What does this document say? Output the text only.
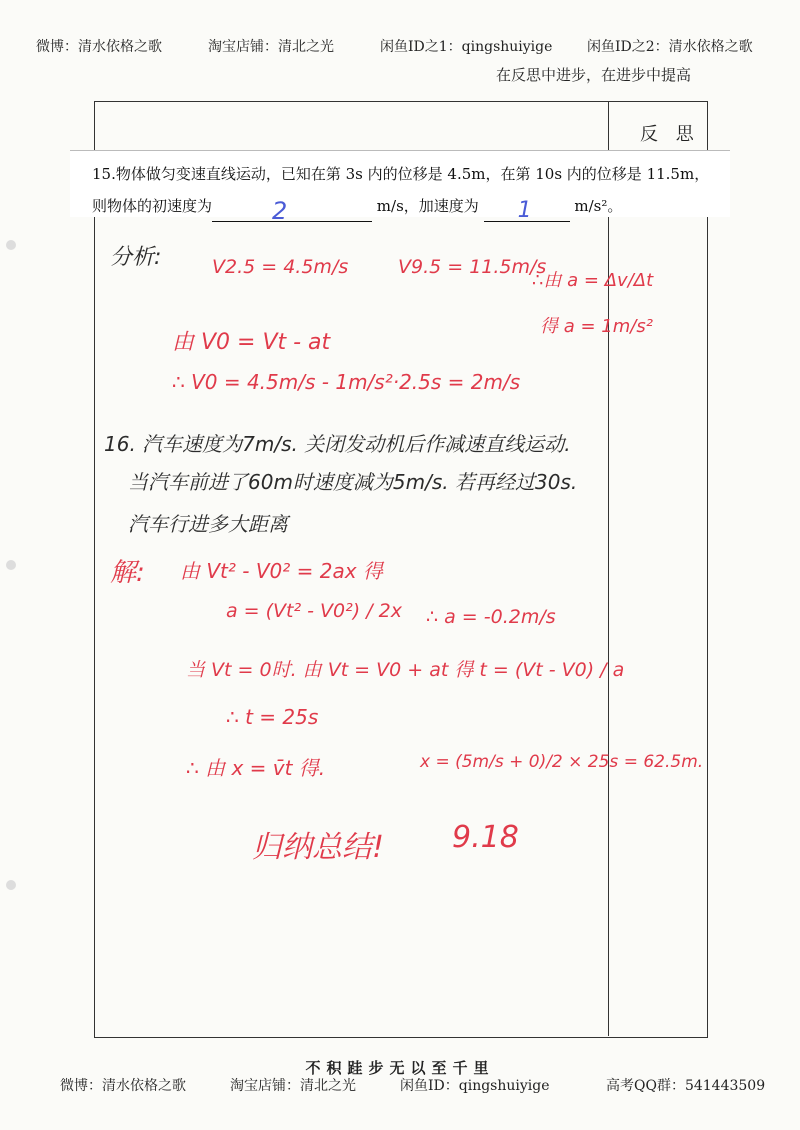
微博：清水依格之歌	淘宝店铺：清北之光	闲鱼ID之1：qingshuiyige 闲鱼ID之2：清水依格之歌
在反思中进步，在进步中提高
反 思
15.物体做匀变速直线运动，已知在第 3s 内的位移是 4.5m，在第 10s 内的位移是 11.5m，则物体的初速度为	2	m/s，加速度为 1	m/s²。
分析:	V2.5 = 4.5m/s	V9.5 = 11.5m/s
∴由 a = Δv/Δt
得 a = 1m/s²
由 V0 = Vt - at
∴ V0 = 4.5m/s - 1m/s²·2.5s = 2m/s
16. 汽车速度为7m/s. 关闭发动机后作减速直线运动.
当汽车前进了60m时速度减为5m/s. 若再经过30s.
汽车行进多大距离
解: 由 Vt² - V0² = 2ax 得
a = (Vt² - V0²) / 2x ∴ a = -0.2m/s
当 Vt = 0时. 由 Vt = V0 + at 得 t = (Vt - V0) / a
∴ t = 25s
∴ 由 x = v̄t 得.	x = (5m/s + 0)/2 × 25s = 62.5m.
归纳总结! 9.18
不积跬步无以至千里
微博：清水依格之歌	淘宝店铺：清北之光	闲鱼ID：qingshuiyige	高考QQ群：541443509
